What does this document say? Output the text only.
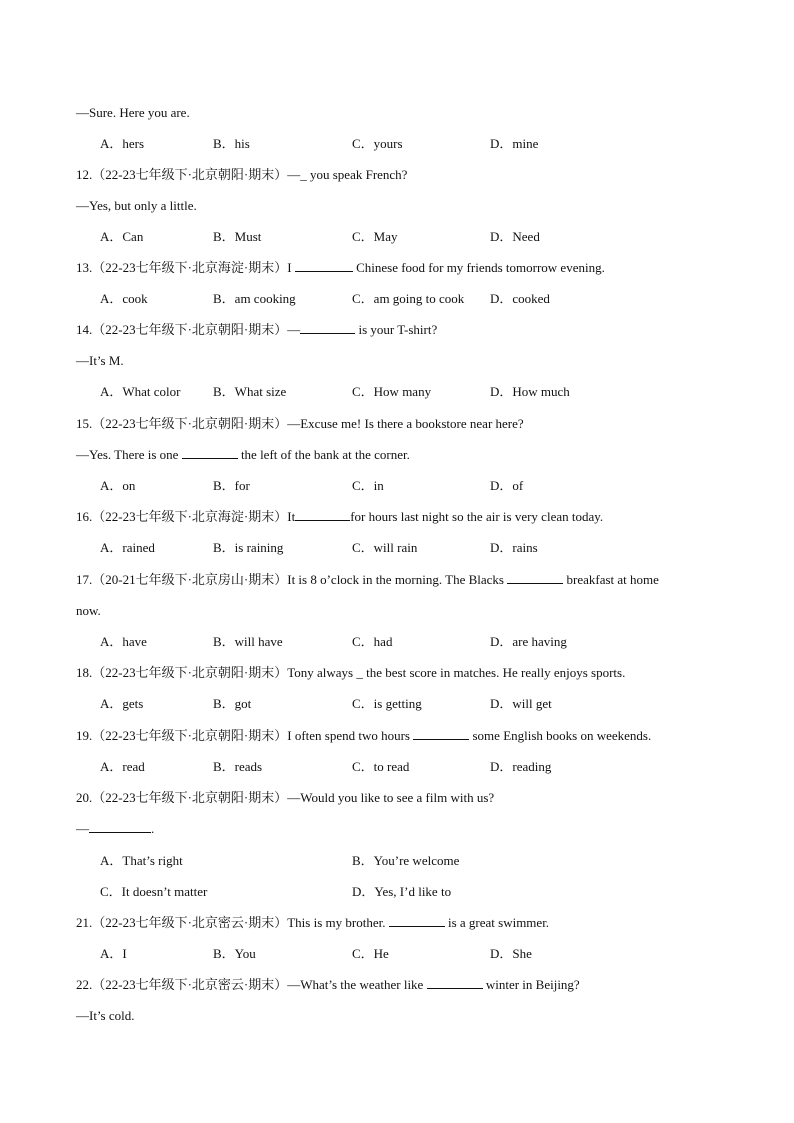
—Sure. Here you are.
A．hers	B．his	C．yours	D．mine
12.（22-23七年级下·北京朝阳·期末）—_ you speak French?
—Yes, but only a little.
A．Can	B．Must	C．May	D．Need
13.（22-23七年级下·北京海淀·期末）I	Chinese food for my friends tomorrow evening.
A．cook	B．am cooking	C．am going to cook D．cooked
14.（22-23七年级下·北京朝阳·期末）—	is your T-shirt?
—It’s M.
A．What color B．What size	C．How many	D．How much
15.（22-23七年级下·北京朝阳·期末）—Excuse me! Is there a bookstore near here?
—Yes. There is one	the left of the bank at the corner.
A．on	B．for	C．in	D．of
16.（22-23七年级下·北京海淀·期末）It	for hours last night so the air is very clean today.
A．rained	B．is raining	C．will rain	D．rains
17.（20-21七年级下·北京房山·期末）It is 8 o’clock in the morning. The Blacks	breakfast at home
now.
A．have	B．will have	C．had	D．are having
18.（22-23七年级下·北京朝阳·期末）Tony always _ the best score in matches. He really enjoys sports.
A．gets	B．got	C．is getting	D．will get
19.（22-23七年级下·北京朝阳·期末）I often spend two hours	some English books on weekends.
A．read	B．reads	C．to read	D．reading
20.（22-23七年级下·北京朝阳·期末）—Would you like to see a film with us?
—	.
A．That’s right	B．You’re welcome
C．It doesn’t matter	D．Yes, I’d like to
21.（22-23七年级下·北京密云·期末）This is my brother.	is a great swimmer.
A．I	B．You	C．He	D．She
22.（22-23七年级下·北京密云·期末）—What’s the weather like	winter in Beijing?
—It’s cold.
